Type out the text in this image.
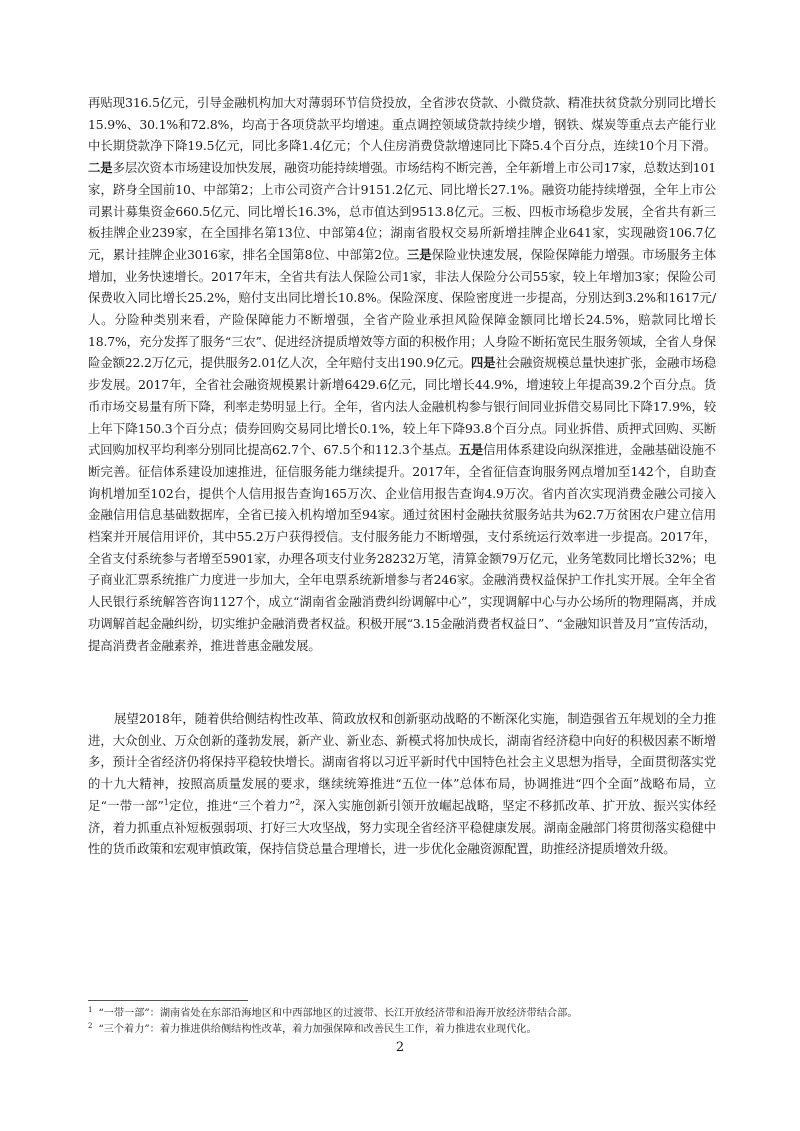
再贴现316.5亿元，引导金融机构加大对薄弱环节信贷投放，全省涉农贷款、小微贷款、精准扶贫贷款分别同比增长15.9%、30.1%和72.8%，均高于各项贷款平均增速。重点调控领域贷款持续少增，钢铁、煤炭等重点去产能行业中长期贷款净下降19.5亿元，同比多降1.4亿元；个人住房消费贷款增速同比下降5.4个百分点，连续10个月下滑。二是多层次资本市场建设加快发展，融资功能持续增强。市场结构不断完善，全年新增上市公司17家，总数达到101家，跻身全国前10、中部第2；上市公司资产合计9151.2亿元、同比增长27.1%。融资功能持续增强，全年上市公司累计募集资金660.5亿元、同比增长16.3%，总市值达到9513.8亿元。三板、四板市场稳步发展，全省共有新三板挂牌企业239家，在全国排名第13位、中部第4位；湖南省股权交易所新增挂牌企业641家，实现融资106.7亿元，累计挂牌企业3016家，排名全国第8位、中部第2位。三是保险业快速发展，保险保障能力增强。市场服务主体增加，业务快速增长。2017年末，全省共有法人保险公司1家，非法人保险分公司55家，较上年增加3家；保险公司保费收入同比增长25.2%，赔付支出同比增长10.8%。保险深度、保险密度进一步提高，分别达到3.2%和1617元/人。分险种类别来看，产险保障能力不断增强，全省产险业承担风险保障金额同比增长24.5%，赔款同比增长18.7%，充分发挥了服务“三农”、促进经济提质增效等方面的积极作用；人身险不断拓宽民生服务领域，全省人身保险金额22.2万亿元，提供服务2.01亿人次，全年赔付支出190.9亿元。四是社会融资规模总量快速扩张，金融市场稳步发展。2017年，全省社会融资规模累计新增6429.6亿元，同比增长44.9%，增速较上年提高39.2个百分点。货币市场交易量有所下降，利率走势明显上行。全年，省内法人金融机构参与银行间同业拆借交易同比下降17.9%，较上年下降150.3个百分点；债券回购交易同比增长0.1%，较上年下降93.8个百分点。同业拆借、质押式回购、买断式回购加权平均利率分别同比提高62.7个、67.5个和112.3个基点。五是信用体系建设向纵深推进，金融基础设施不断完善。征信体系建设加速推进，征信服务能力继续提升。2017年，全省征信查询服务网点增加至142个，自助查询机增加至102台，提供个人信用报告查询165万次、企业信用报告查询4.9万次。省内首次实现消费金融公司接入金融信用信息基础数据库，全省已接入机构增加至94家。通过贫困村金融扶贫服务站共为62.7万贫困农户建立信用档案并开展信用评价，其中55.2万户获得授信。支付服务能力不断增强，支付系统运行效率进一步提高。2017年，全省支付系统参与者增至5901家，办理各项支付业务28232万笔，清算金额79万亿元，业务笔数同比增长32%；电子商业汇票系统推广力度进一步加大，全年电票系统新增参与者246家。金融消费权益保护工作扎实开展。全年全省人民银行系统解答咨询1127个，成立“湖南省金融消费纠纷调解中心”，实现调解中心与办公场所的物理隔离，并成功调解首起金融纠纷，切实维护金融消费者权益。积极开展“3.15金融消费者权益日”、“金融知识普及月”宣传活动，提高消费者金融素养，推进普惠金融发展。

展望2018年，随着供给侧结构性改革、简政放权和创新驱动战略的不断深化实施，制造强省五年规划的全力推进，大众创业、万众创新的蓬勃发展，新产业、新业态、新模式将加快成长，湖南省经济稳中向好的积极因素不断增多，预计全省经济仍将保持平稳较快增长。湖南省将以习近平新时代中国特色社会主义思想为指导，全面贯彻落实党的十九大精神，按照高质量发展的要求，继续统筹推进“五位一体”总体布局，协调推进“四个全面”战略布局，立足“一带一部”$^1$定位，推进“三个着力”$^2$，深入实施创新引领开放崛起战略，坚定不移抓改革、扩开放、振兴实体经济，着力抓重点补短板强弱项、打好三大攻坚战，努力实现全省经济平稳健康发展。湖南金融部门将贯彻落实稳健中性的货币政策和宏观审慎政策，保持信贷总量合理增长，进一步优化金融资源配置，助推经济提质增效升级。

$^1$ “一带一部”：湖南省处在东部沿海地区和中西部地区的过渡带、长江开放经济带和沿海开放经济带结合部。

$^2$ “三个着力”：着力推进供给侧结构性改革，着力加强保障和改善民生工作，着力推进农业现代化。

2
